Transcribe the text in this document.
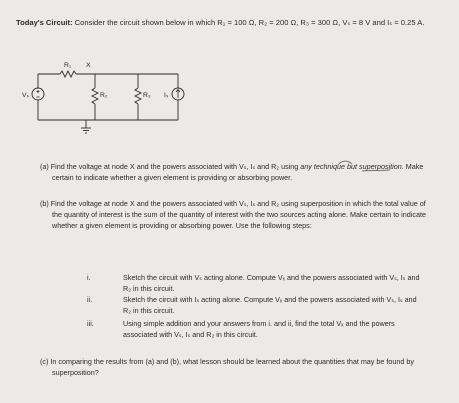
Today's Circuit: Consider the circuit shown below in which R₁ = 100 Ω, R₂ = 200 Ω, R₃ = 300 Ω, Vₛ = 8 V and Iₛ = 0.25 A.
R₁ X
Vₛ	R₂	R₃ Iₛ
(a) Find the voltage at node X and the powers associated with Vₛ, Iₛ and R₂ using any technique but superposition. Make certain to indicate whether a given element is providing or absorbing power.
(b) Find the voltage at node X and the powers associated with Vₛ, Iₛ and R₂ using superposition in which the total value of the quantity of interest is the sum of the quantity of interest with the two sources acting alone. Make certain to indicate whether a given element is providing or absorbing power. Use the following steps:
i.	Sketch the circuit with Vₛ acting alone. Compute Vₓ and the powers associated with Vₛ, Iₛ and R₂ in this circuit.
ii.	Sketch the circuit with Iₛ acting alone. Compute Vₓ and the powers associated with Vₛ, Iₛ and R₂ in this circuit.
iii.	Using simple addition and your answers from i. and ii, find the total Vₓ and the powers associated with Vₛ, Iₛ and R₂ in this circuit.
(c) In comparing the results from (a) and (b), what lesson should be learned about the quantities that may be found by superposition?
